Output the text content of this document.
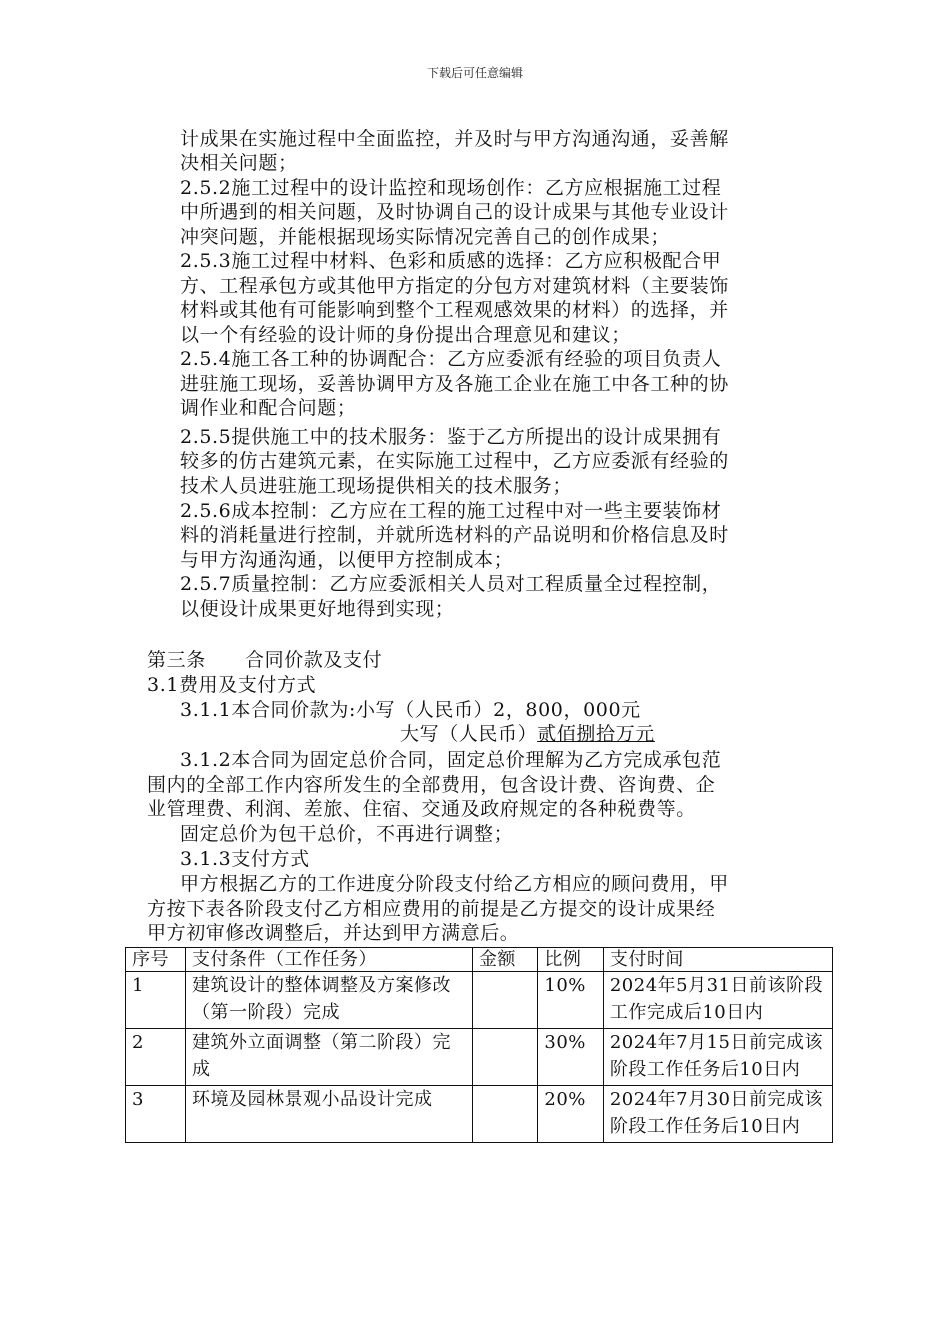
下载后可任意编辑
计成果在实施过程中全面监控，并及时与甲方沟通沟通，妥善解
决相关问题；
2.5.2施工过程中的设计监控和现场创作：乙方应根据施工过程
中所遇到的相关问题，及时协调自己的设计成果与其他专业设计
冲突问题，并能根据现场实际情况完善自己的创作成果；
2.5.3施工过程中材料、色彩和质感的选择：乙方应积极配合甲
方、工程承包方或其他甲方指定的分包方对建筑材料（主要装饰
材料或其他有可能影响到整个工程观感效果的材料）的选择，并
以一个有经验的设计师的身份提出合理意见和建议；
2.5.4施工各工种的协调配合：乙方应委派有经验的项目负责人
进驻施工现场，妥善协调甲方及各施工企业在施工中各工种的协
调作业和配合问题；
2.5.5提供施工中的技术服务：鉴于乙方所提出的设计成果拥有
较多的仿古建筑元素，在实际施工过程中，乙方应委派有经验的
技术人员进驻施工现场提供相关的技术服务；
2.5.6成本控制：乙方应在工程的施工过程中对一些主要装饰材
料的消耗量进行控制，并就所选材料的产品说明和价格信息及时
与甲方沟通沟通，以便甲方控制成本；
2.5.7质量控制：乙方应委派相关人员对工程质量全过程控制，
以便设计成果更好地得到实现；
第三条　　合同价款及支付
3.1费用及支付方式
3.1.1本合同价款为:小写（人民币）2，800，000元
大写（人民币）贰佰捌拾万元
3.1.2本合同为固定总价合同，固定总价理解为乙方完成承包范
围内的全部工作内容所发生的全部费用，包含设计费、咨询费、企
业管理费、利润、差旅、住宿、交通及政府规定的各种税费等。
固定总价为包干总价，不再进行调整；
3.1.3支付方式
甲方根据乙方的工作进度分阶段支付给乙方相应的顾问费用，甲
方按下表各阶段支付乙方相应费用的前提是乙方提交的设计成果经
甲方初审修改调整后，并达到甲方满意后。
序号	支付条件（工作任务）	金额	比例	支付时间
1	建筑设计的整体调整及方案修改（第一阶段）完成		10%	2024年5月31日前该阶段工作完成后10日内
2	建筑外立面调整（第二阶段）完成		30%	2024年7月15日前完成该阶段工作任务后10日内
3	环境及园林景观小品设计完成		20%	2024年7月30日前完成该阶段工作任务后10日内
